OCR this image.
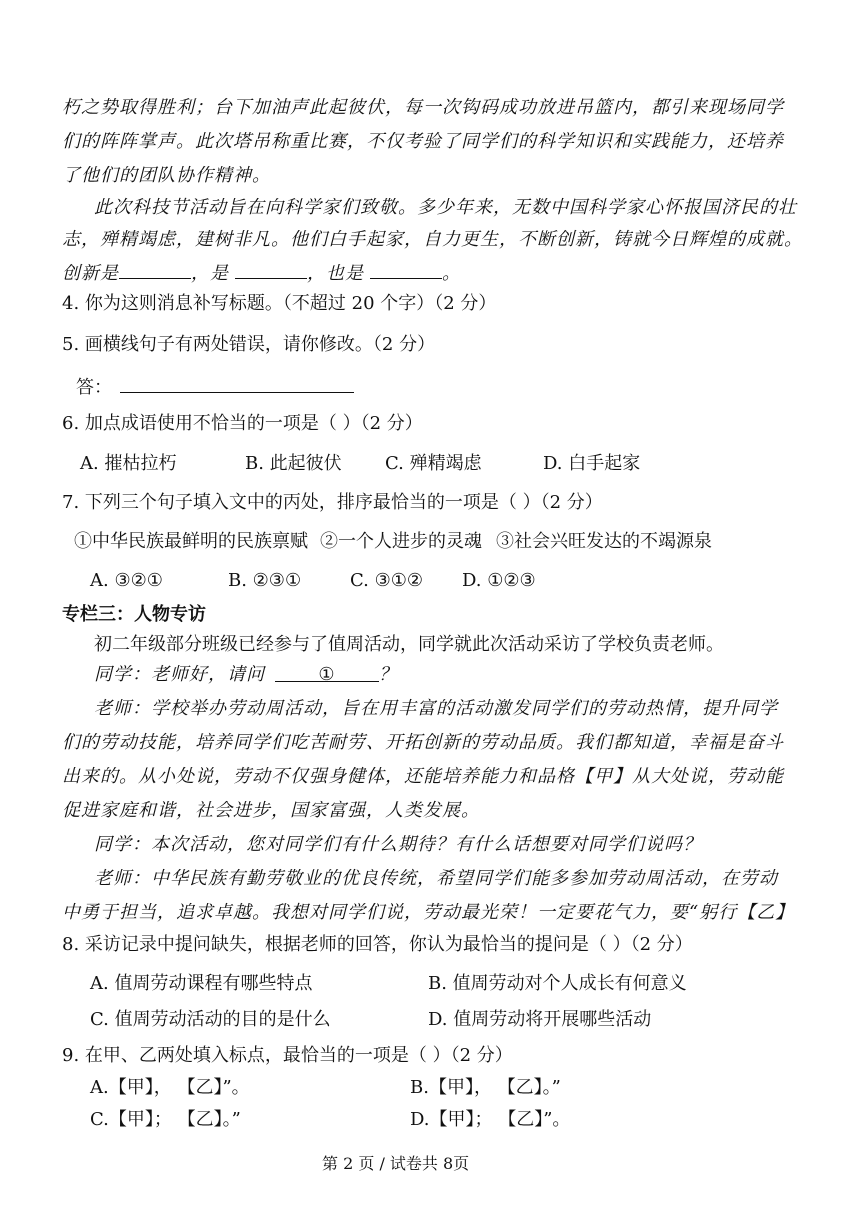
朽之势取得胜利；台下加油声此起彼伏，每一次钩码成功放进吊篮内，都引来现场同学
们的阵阵掌声。此次塔吊称重比赛，不仅考验了同学们的科学知识和实践能力，还培养
了他们的团队协作精神。
此次科技节活动旨在向科学家们致敬。多少年来，无数中国科学家心怀报国济民的壮
志，殚精竭虑，建树非凡。他们白手起家，自力更生，不断创新，铸就今日辉煌的成就。
创新是	，是	，也是	。
4. 你为这则消息补写标题。（不超过 20 个字）（2 分）
5. 画横线句子有两处错误，请你修改。（2 分）
答：
6. 加点成语使用不恰当的一项是（ ）（2 分）
A. 摧枯拉朽	B. 此起彼伏 C. 殚精竭虑	D. 白手起家
7. 下列三个句子填入文中的丙处，排序最恰当的一项是（ ）（2 分）
①中华民族最鲜明的民族禀赋 ②一个人进步的灵魂 ③社会兴旺发达的不竭源泉
A. ③②①	B. ②③①	C. ③①② D. ①②③
专栏三：人物专访
初二年级部分班级已经参与了值周活动，同学就此次活动采访了学校负责老师。
同学：老师好，请问	① ？
老师：学校举办劳动周活动，旨在用丰富的活动激发同学们的劳动热情，提升同学
们的劳动技能，培养同学们吃苦耐劳、开拓创新的劳动品质。我们都知道，幸福是奋斗
出来的。从小处说，劳动不仅强身健体，还能培养能力和品格【甲】从大处说，劳动能
促进家庭和谐，社会进步，国家富强，人类发展。
同学：本次活动，您对同学们有什么期待？有什么话想要对同学们说吗？
老师：中华民族有勤劳敬业的优良传统，希望同学们能多参加劳动周活动，在劳动
中勇于担当，追求卓越。我想对同学们说，劳动最光荣！一定要花气力，要“躬行【乙】
8. 采访记录中提问缺失，根据老师的回答，你认为最恰当的提问是（ ）（2 分）
A. 值周劳动课程有哪些特点	B. 值周劳动对个人成长有何意义
C. 值周劳动活动的目的是什么	D. 值周劳动将开展哪些活动
9. 在甲、乙两处填入标点，最恰当的一项是（ ）（2 分）
A.【甲】， 【乙】”。	B.【甲】， 【乙】。”
C.【甲】； 【乙】。”	D.【甲】； 【乙】”。
第 2 页 / 试卷共 8页
